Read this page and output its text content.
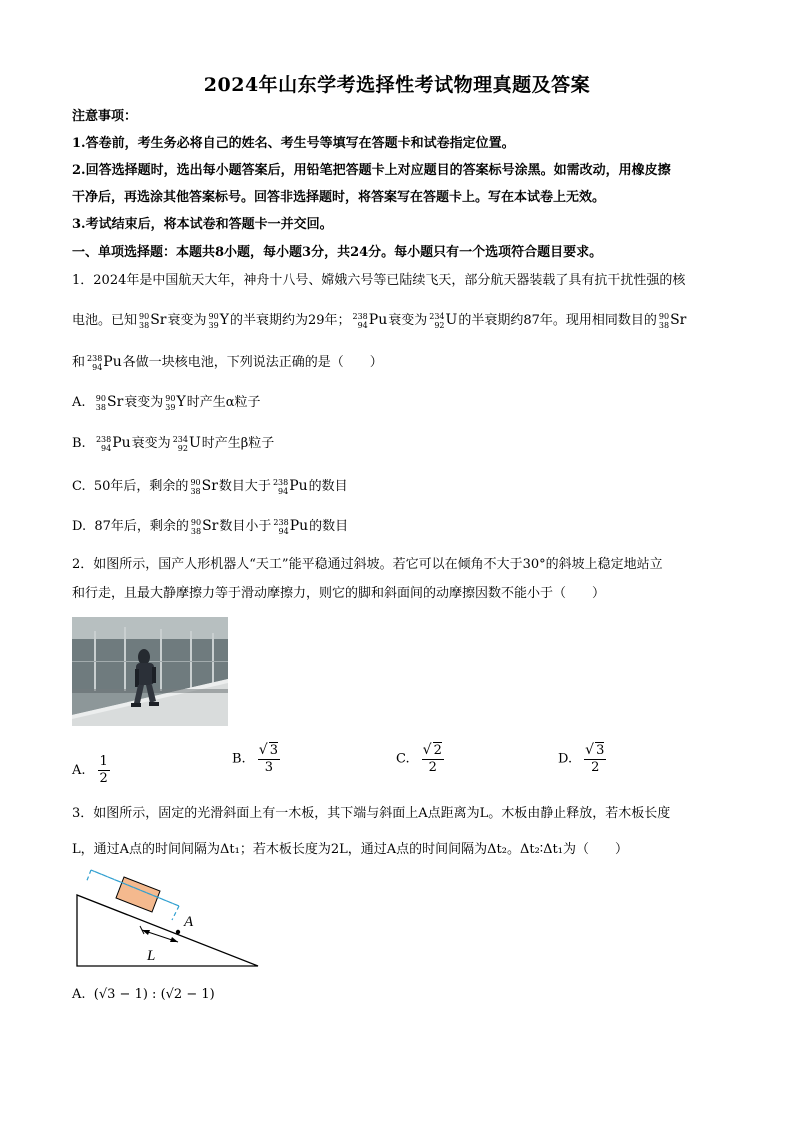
2024年山东学考选择性考试物理真题及答案
注意事项：
1.答卷前，考生务必将自己的姓名、考生号等填写在答题卡和试卷指定位置。
2.回答选择题时，选出每小题答案后，用铅笔把答题卡上对应题目的答案标号涂黑。如需改动，用橡皮擦
干净后，再选涂其他答案标号。回答非选择题时，将答案写在答题卡上。写在本试卷上无效。
3.考试结束后，将本试卷和答题卡一并交回。
一、单项选择题：本题共8小题，每小题3分，共24分。每小题只有一个选项符合题目要求。
1．2024年是中国航天大年，神舟十八号、嫦娥六号等已陆续飞天，部分航天器装载了具有抗干扰性强的核
电池。已知 90
38 Sr衰变为 90
39 Y的半衰期约为29年； 238
94 Pu衰变为 234
92 U的半衰期约87年。现用相同数目的 90
38 Sr
和 238
94 Pu各做一块核电池，下列说法正确的是（　　）
A. 90
38 Sr衰变为 90
39 Y时产生α粒子
B. 238
94 Pu衰变为 234
92 U时产生β粒子
C. 50年后，剩余的 90
38 Sr数目大于 238
94 Pu的数目
D. 87年后，剩余的 90
38 Sr数目小于 238
94 Pu的数目
2．如图所示，国产人形机器人“天工”能平稳通过斜坡。若它可以在倾角不大于30°的斜坡上稳定地站立
和行走，且最大静摩擦力等于滑动摩擦力，则它的脚和斜面间的动摩擦因数不能小于（　　）
A. $\frac{1}{2}$	B. √ $\frac{3}{3}$	C. √ $\frac{2}{2}$	D. √ $\frac{3}{2}$
3．如图所示，固定的光滑斜面上有一木板，其下端与斜面上A点距离为L。木板由静止释放，若木板长度
L，通过A点的时间间隔为Δt₁；若木板长度为2L，通过A点的时间间隔为Δt₂。Δt₂∶Δt₁为（　　）
A
L
A. (√3 − 1) : (√2 − 1)
